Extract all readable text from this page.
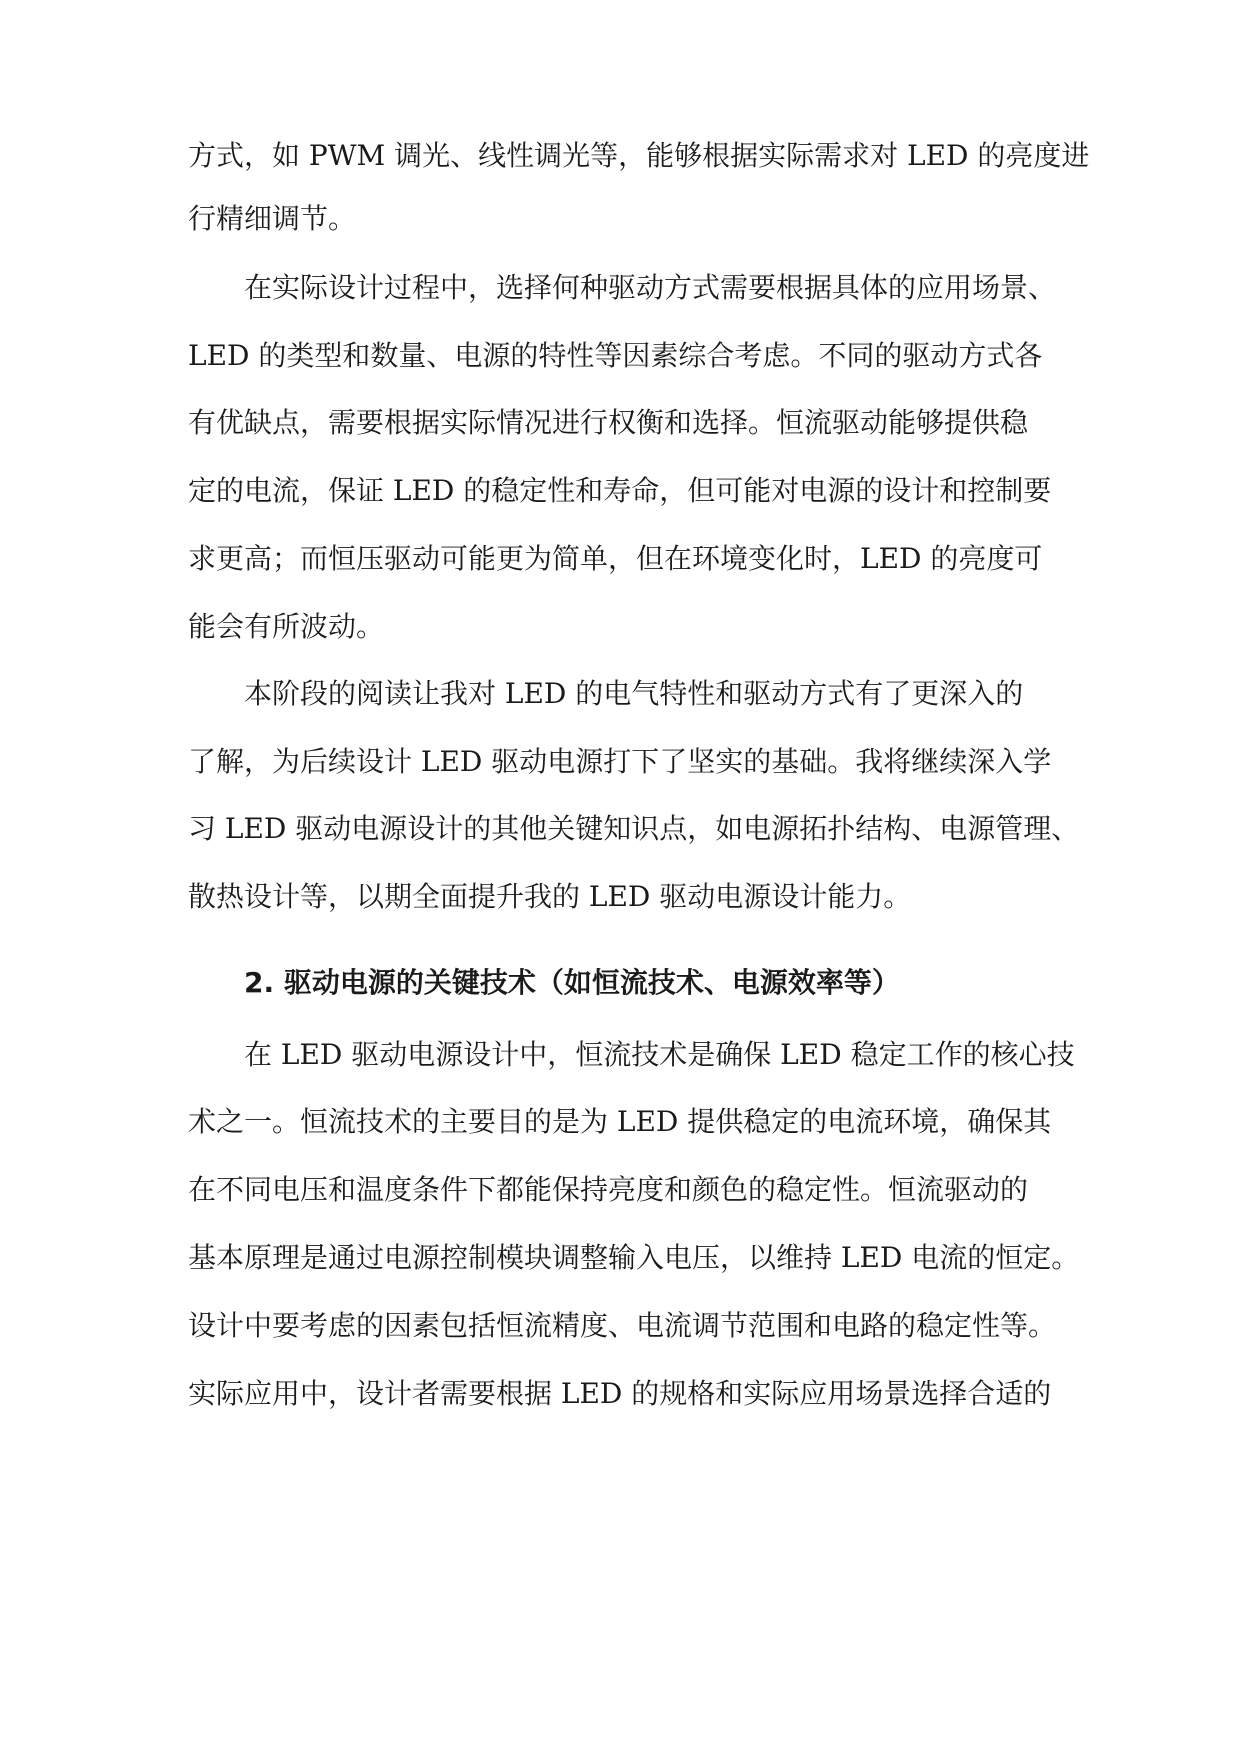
方式，如 PWM 调光、线性调光等，能够根据实际需求对 LED 的亮度进
行精细调节。
在实际设计过程中，选择何种驱动方式需要根据具体的应用场景、
LED 的类型和数量、电源的特性等因素综合考虑。不同的驱动方式各
有优缺点，需要根据实际情况进行权衡和选择。恒流驱动能够提供稳
定的电流，保证 LED 的稳定性和寿命，但可能对电源的设计和控制要
求更高；而恒压驱动可能更为简单，但在环境变化时，LED 的亮度可
能会有所波动。
本阶段的阅读让我对 LED 的电气特性和驱动方式有了更深入的
了解，为后续设计 LED 驱动电源打下了坚实的基础。我将继续深入学
习 LED 驱动电源设计的其他关键知识点，如电源拓扑结构、电源管理、
散热设计等，以期全面提升我的 LED 驱动电源设计能力。
2. 驱动电源的关键技术（如恒流技术、电源效率等）
在 LED 驱动电源设计中，恒流技术是确保 LED 稳定工作的核心技
术之一。恒流技术的主要目的是为 LED 提供稳定的电流环境，确保其
在不同电压和温度条件下都能保持亮度和颜色的稳定性。恒流驱动的
基本原理是通过电源控制模块调整输入电压，以维持 LED 电流的恒定。
设计中要考虑的因素包括恒流精度、电流调节范围和电路的稳定性等。
实际应用中，设计者需要根据 LED 的规格和实际应用场景选择合适的
